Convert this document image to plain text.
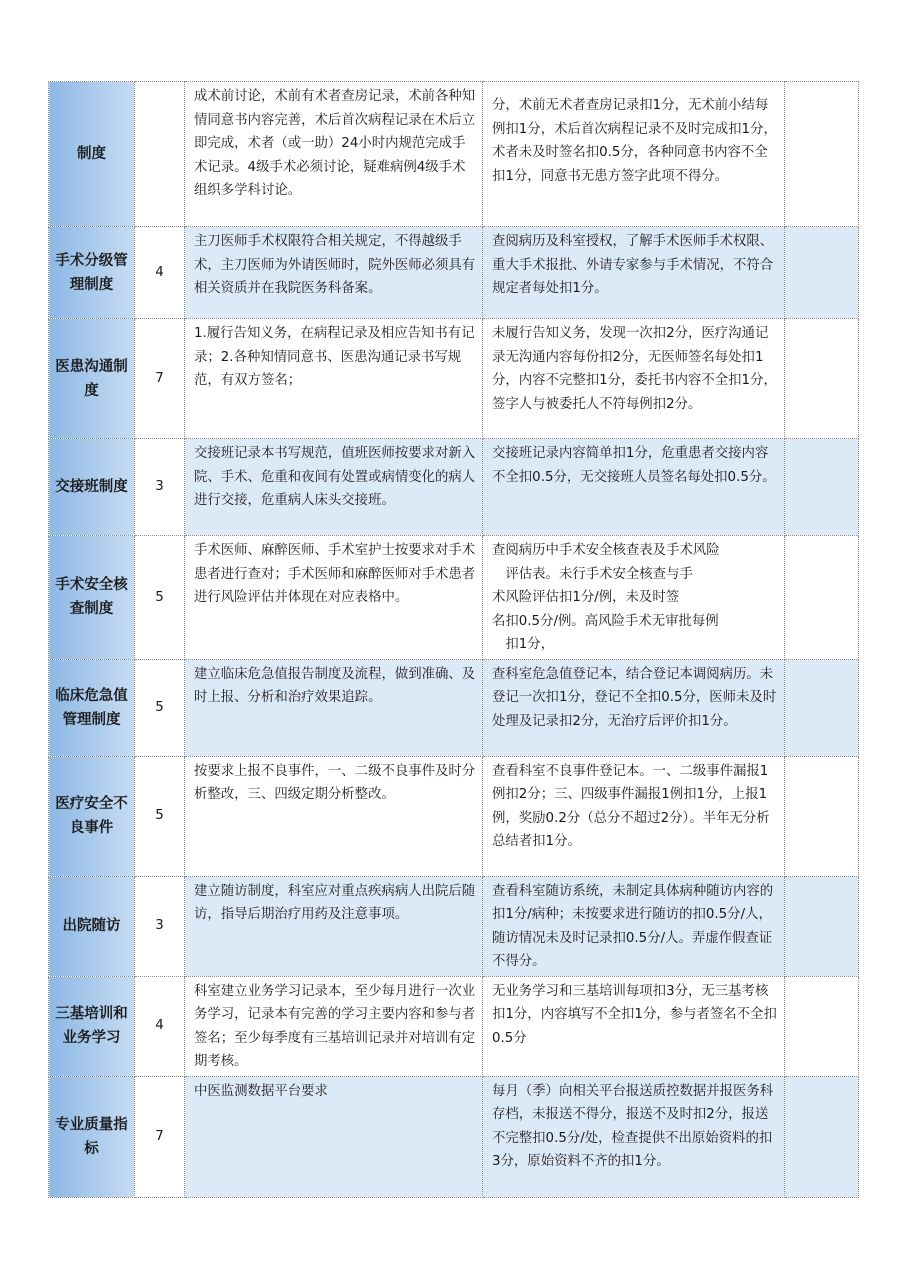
制度		成术前讨论，术前有术者查房记录，术前各种知情同意书内容完善，术后首次病程记录在术后立即完成，术者（或一助）24小时内规范完成手术记录。4级手术必须讨论，疑难病例4级手术组织多学科讨论。	分，术前无术者查房记录扣1分，无术前小结每例扣1分，术后首次病程记录不及时完成扣1分，术者未及时签名扣0.5分，各种同意书内容不全扣1分，同意书无患方签字此项不得分。	

手术分级管理制度	4	主刀医师手术权限符合相关规定，不得越级手术，主刀医师为外请医师时，院外医师必须具有相关资质并在我院医务科备案。	查阅病历及科室授权，了解手术医师手术权限、重大手术报批、外请专家参与手术情况，不符合规定者每处扣1分。	

医患沟通制度	7	1.履行告知义务，在病程记录及相应告知书有记录；2.各种知情同意书、医患沟通记录书写规范，有双方签名；	未履行告知义务，发现一次扣2分，医疗沟通记录无沟通内容每份扣2分，无医师签名每处扣1分，内容不完整扣1分，委托书内容不全扣1分，签字人与被委托人不符每例扣2分。	

交接班制度	3	交接班记录本书写规范，值班医师按要求对新入院、手术、危重和夜间有处置或病情变化的病人进行交接，危重病人床头交接班。	交接班记录内容简单扣1分，危重患者交接内容不全扣0.5分，无交接班人员签名每处扣0.5分。	

手术安全核查制度	5	手术医师、麻醉医师、手术室护士按要求对手术患者进行查对；手术医师和麻醉医师对手术患者进行风险评估并体现在对应表格中。	查阅病历中手术安全核查表及手术风险
　评估表。未行手术安全核查与手
术风险评估扣1分/例，未及时签
名扣0.5分/例。高风险手术无审批每例
　扣1分，	

临床危急值管理制度	5	建立临床危急值报告制度及流程，做到准确、及时上报、分析和治疗效果追踪。	查科室危急值登记本，结合登记本调阅病历。未登记一次扣1分，登记不全扣0.5分，医师未及时处理及记录扣2分，无治疗后评价扣1分。	

医疗安全不良事件	5	按要求上报不良事件，一、二级不良事件及时分析整改，三、四级定期分析整改。	查看科室不良事件登记本。一、二级事件漏报1例扣2分；三、四级事件漏报1例扣1分，上报1例，奖励0.2分（总分不超过2分）。半年无分析总结者扣1分。	

出院随访	3	建立随访制度，科室应对重点疾病病人出院后随访，指导后期治疗用药及注意事项。	查看科室随访系统，未制定具体病种随访内容的扣1分/病种；未按要求进行随访的扣0.5分/人，随访情况未及时记录扣0.5分/人。弄虚作假查证不得分。	

三基培训和业务学习	4	科室建立业务学习记录本，至少每月进行一次业务学习，记录本有完善的学习主要内容和参与者签名；至少每季度有三基培训记录并对培训有定期考核。	无业务学习和三基培训每项扣3分，无三基考核扣1分，内容填写不全扣1分，参与者签名不全扣0.5分	

专业质量指标	7	中医监测数据平台要求	每月（季）向相关平台报送质控数据并报医务科存档，未报送不得分，报送不及时扣2分，报送不完整扣0.5分/处，检查提供不出原始资料的扣3分，原始资料不齐的扣1分。	
